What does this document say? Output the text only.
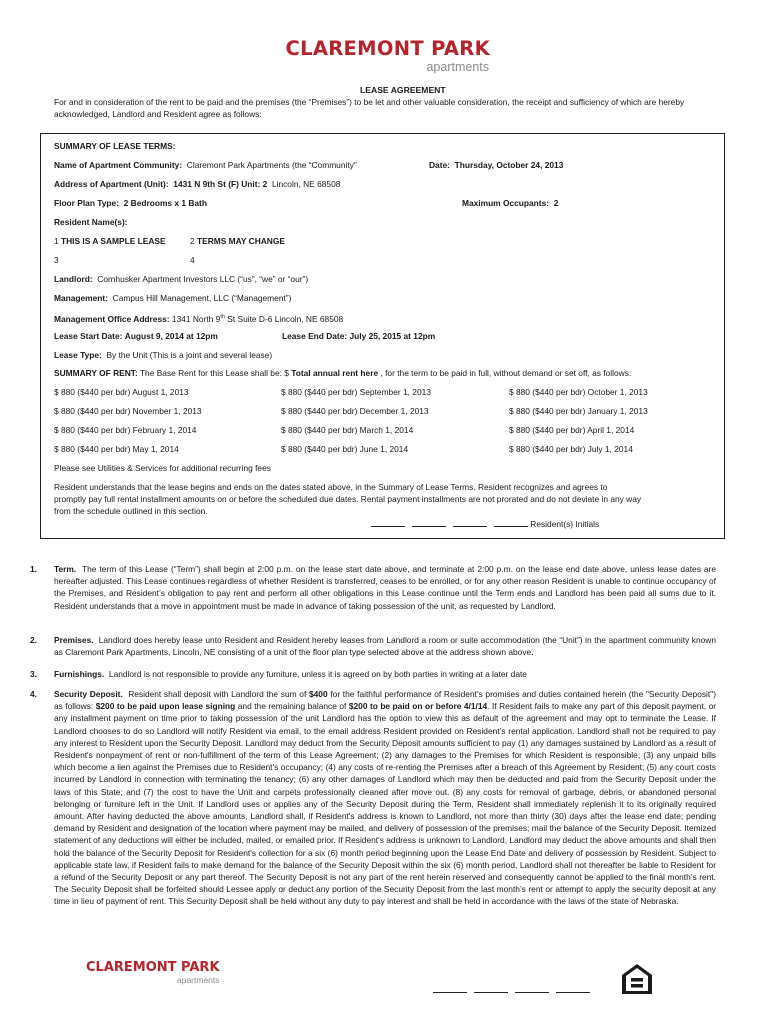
CLAREMONT PARK
apartments
LEASE AGREEMENT
For and in consideration of the rent to be paid and the premises (the “Premises”) to be let and other valuable consideration, the receipt and sufficiency of which are hereby acknowledged, Landlord and Resident agree as follows:
SUMMARY OF LEASE TERMS:
Name of Apartment Community: Claremont Park Apartments (the “Community”	Date: Thursday, October 24, 2013
Address of Apartment (Unit): 1431 N 9th St (F) Unit: 2 Lincoln, NE 68508
Floor Plan Type: 2 Bedrooms x 1 Bath	Maximum Occupants: 2
Resident Name(s):
1 THIS IS A SAMPLE LEASE	2 TERMS MAY CHANGE
3	4
Landlord: Cornhusker Apartment Investors LLC (“us”, “we” or “our”)
Management: Campus Hill Management, LLC (“Management”)
Management Office Address: 1341 North 9th St Suite D-6 Lincoln, NE 68508
Lease Start Date: August 9, 2014 at 12pm	Lease End Date: July 25, 2015 at 12pm
Lease Type: By the Unit (This is a joint and several lease)
SUMMARY OF RENT: The Base Rent for this Lease shall be: $ Total annual rent here , for the term to be paid in full, without demand or set off, as follows:
$ 880 ($440 per bdr) August 1, 2013	$ 880 ($440 per bdr) September 1, 2013	$ 880 ($440 per bdr) October 1, 2013
$ 880 ($440 per bdr) November 1, 2013	$ 880 ($440 per bdr) December 1, 2013	$ 880 ($440 per bdr) January 1, 2013
$ 880 ($440 per bdr) February 1, 2014	$ 880 ($440 per bdr) March 1, 2014	$ 880 ($440 per bdr) April 1, 2014
$ 880 ($440 per bdr) May 1, 2014	$ 880 ($440 per bdr) June 1, 2014	$ 880 ($440 per bdr) July 1, 2014
Please see Utilities & Services for additional recurring fees
Resident understands that the lease begins and ends on the dates stated above, in the Summary of Lease Terms. Resident recognizes and agrees to
promptly pay full rental installment amounts on or before the scheduled due dates. Rental payment installments are not prorated and do not deviate in any way
from the schedule outlined in this section.
Resident(s) Initials
1. Term. The term of this Lease (“Term”) shall begin at 2:00 p.m. on the lease start date above, and terminate at 2:00 p.m. on the lease end date above, unless lease dates are hereafter adjusted. This Lease continues regardless of whether Resident is transferred, ceases to be enrolled, or for any other reason Resident is unable to continue occupancy of the Premises, and Resident’s obligation to pay rent and perform all other obligations in this Lease continue until the Term ends and Landlord has been paid all sums due to it. Resident understands that a move in appointment must be made in advance of taking possession of the unit, as requested by Landlord.
2. Premises. Landlord does hereby lease unto Resident and Resident hereby leases from Landlord a room or suite accommodation (the “Unit”) in the apartment community known as Claremont Park Apartments, Lincoln, NE consisting of a unit of the floor plan type selected above at the address shown above.
3. Furnishings. Landlord is not responsible to provide any furniture, unless it is agreed on by both parties in writing at a later date
4. Security Deposit. Resident shall deposit with Landlord the sum of $400 for the faithful performance of Resident's promises and duties contained herein (the "Security Deposit") as follows: $200 to be paid upon lease signing and the remaining balance of $200 to be paid on or before 4/1/14. If Resident fails to make any part of this deposit payment, or any installment payment on time prior to taking possession of the unit Landlord has the option to view this as default of the agreement and may opt to terminate the Lease. If Landlord chooses to do so Landlord will notify Resident via email, to the email address Resident provided on Resident’s rental application. Landlord shall not be required to pay any interest to Resident upon the Security Deposit. Landlord may deduct from the Security Deposit amounts sufficient to pay (1) any damages sustained by Landlord as a result of Resident's nonpayment of rent or non-fulfillment of the term of this Lease Agreement; (2) any damages to the Premises for which Resident is responsible; (3) any unpaid bills which become a lien against the Premises due to Resident's occupancy; (4) any costs of re-renting the Premises after a breach of this Agreement by Resident; (5) any court costs incurred by Landlord in connection with terminating the tenancy; (6) any other damages of Landlord which may then be deducted and paid from the Security Deposit under the laws of this State; and (7) the cost to have the Unit and carpets professionally cleaned after move out. (8) any costs for removal of garbage, debris, or abandoned personal belonging or furniture left in the Unit. If Landlord uses or applies any of the Security Deposit during the Term, Resident shall immediately replenish it to its originally required amount. After having deducted the above amounts, Landlord shall, if Resident's address is known to Landlord, not more than thirty (30) days after the lease end date; pending demand by Resident and designation of the location where payment may be mailed, and delivery of possession of the premises; mail the balance of the Security Deposit. Itemized statement of any deductions will either be included, mailed, or emailed prior. If Resident's address is unknown to Landlord, Landlord may deduct the above amounts and shall then hold the balance of the Security Deposit for Resident's collection for a six (6) month period beginning upon the Lease End Date and delivery of possession by Resident. Subject to applicable state law, if Resident fails to make demand for the balance of the Security Deposit within the six (6) month period, Landlord shall not thereafter be liable to Resident for a refund of the Security Deposit or any part thereof. The Security Deposit is not any part of the rent herein reserved and consequently cannot be applied to the final month’s rent. The Security Deposit shall be forfeited should Lessee apply or deduct any portion of the Security Deposit from the last month’s rent or attempt to apply the security deposit at any time in lieu of payment of rent. This Security Deposit shall be held without any duty to pay interest and shall be held in accordance with the laws of the state of Nebraska.
CLAREMONT PARK
apartments
